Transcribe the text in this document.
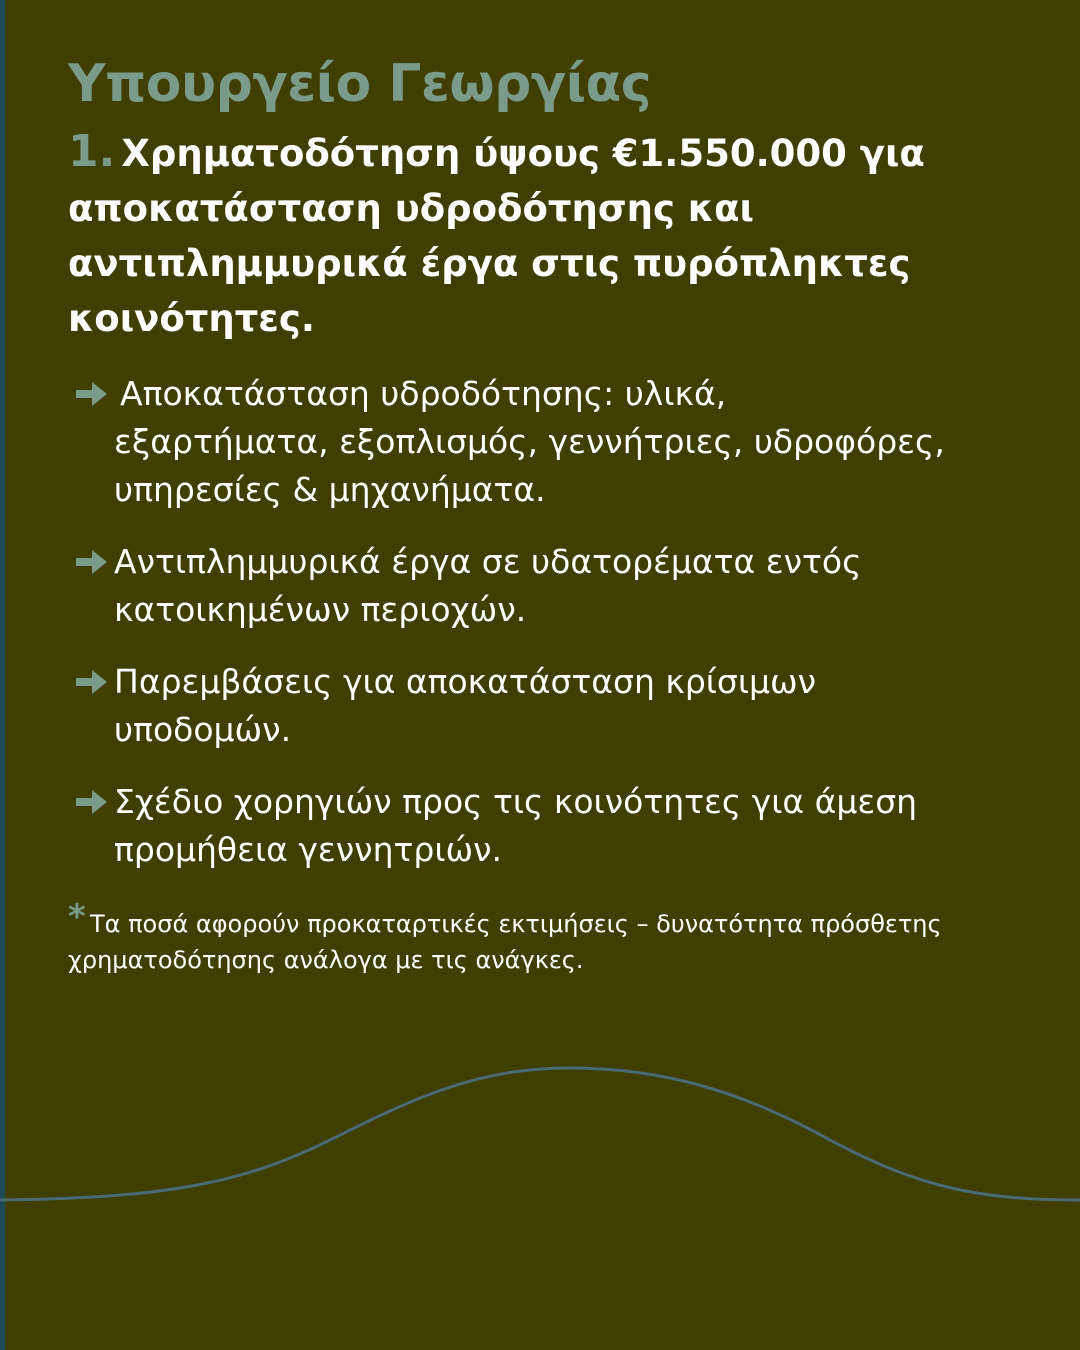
Υπουργείο Γεωργίας
1. Χρηματοδότηση ύψους €1.550.000 για αποκατάσταση υδροδότησης και αντιπλημμυρικά έργα στις πυρόπληκτες κοινότητες.
Αποκατάσταση υδροδότησης: υλικά,
εξαρτήματα, εξοπλισμός, γεννήτριες, υδροφόρες, υπηρεσίες & μηχανήματα.
Αντιπλημμυρικά έργα σε υδατορέματα εντός κατοικημένων περιοχών.
Παρεμβάσεις για αποκατάσταση κρίσιμων υποδομών.
Σχέδιο χορηγιών προς τις κοινότητες για άμεση προμήθεια γεννητριών.
* Τα ποσά αφορούν προκαταρτικές εκτιμήσεις – δυνατότητα πρόσθετης χρηματοδότησης ανάλογα με τις ανάγκες.
